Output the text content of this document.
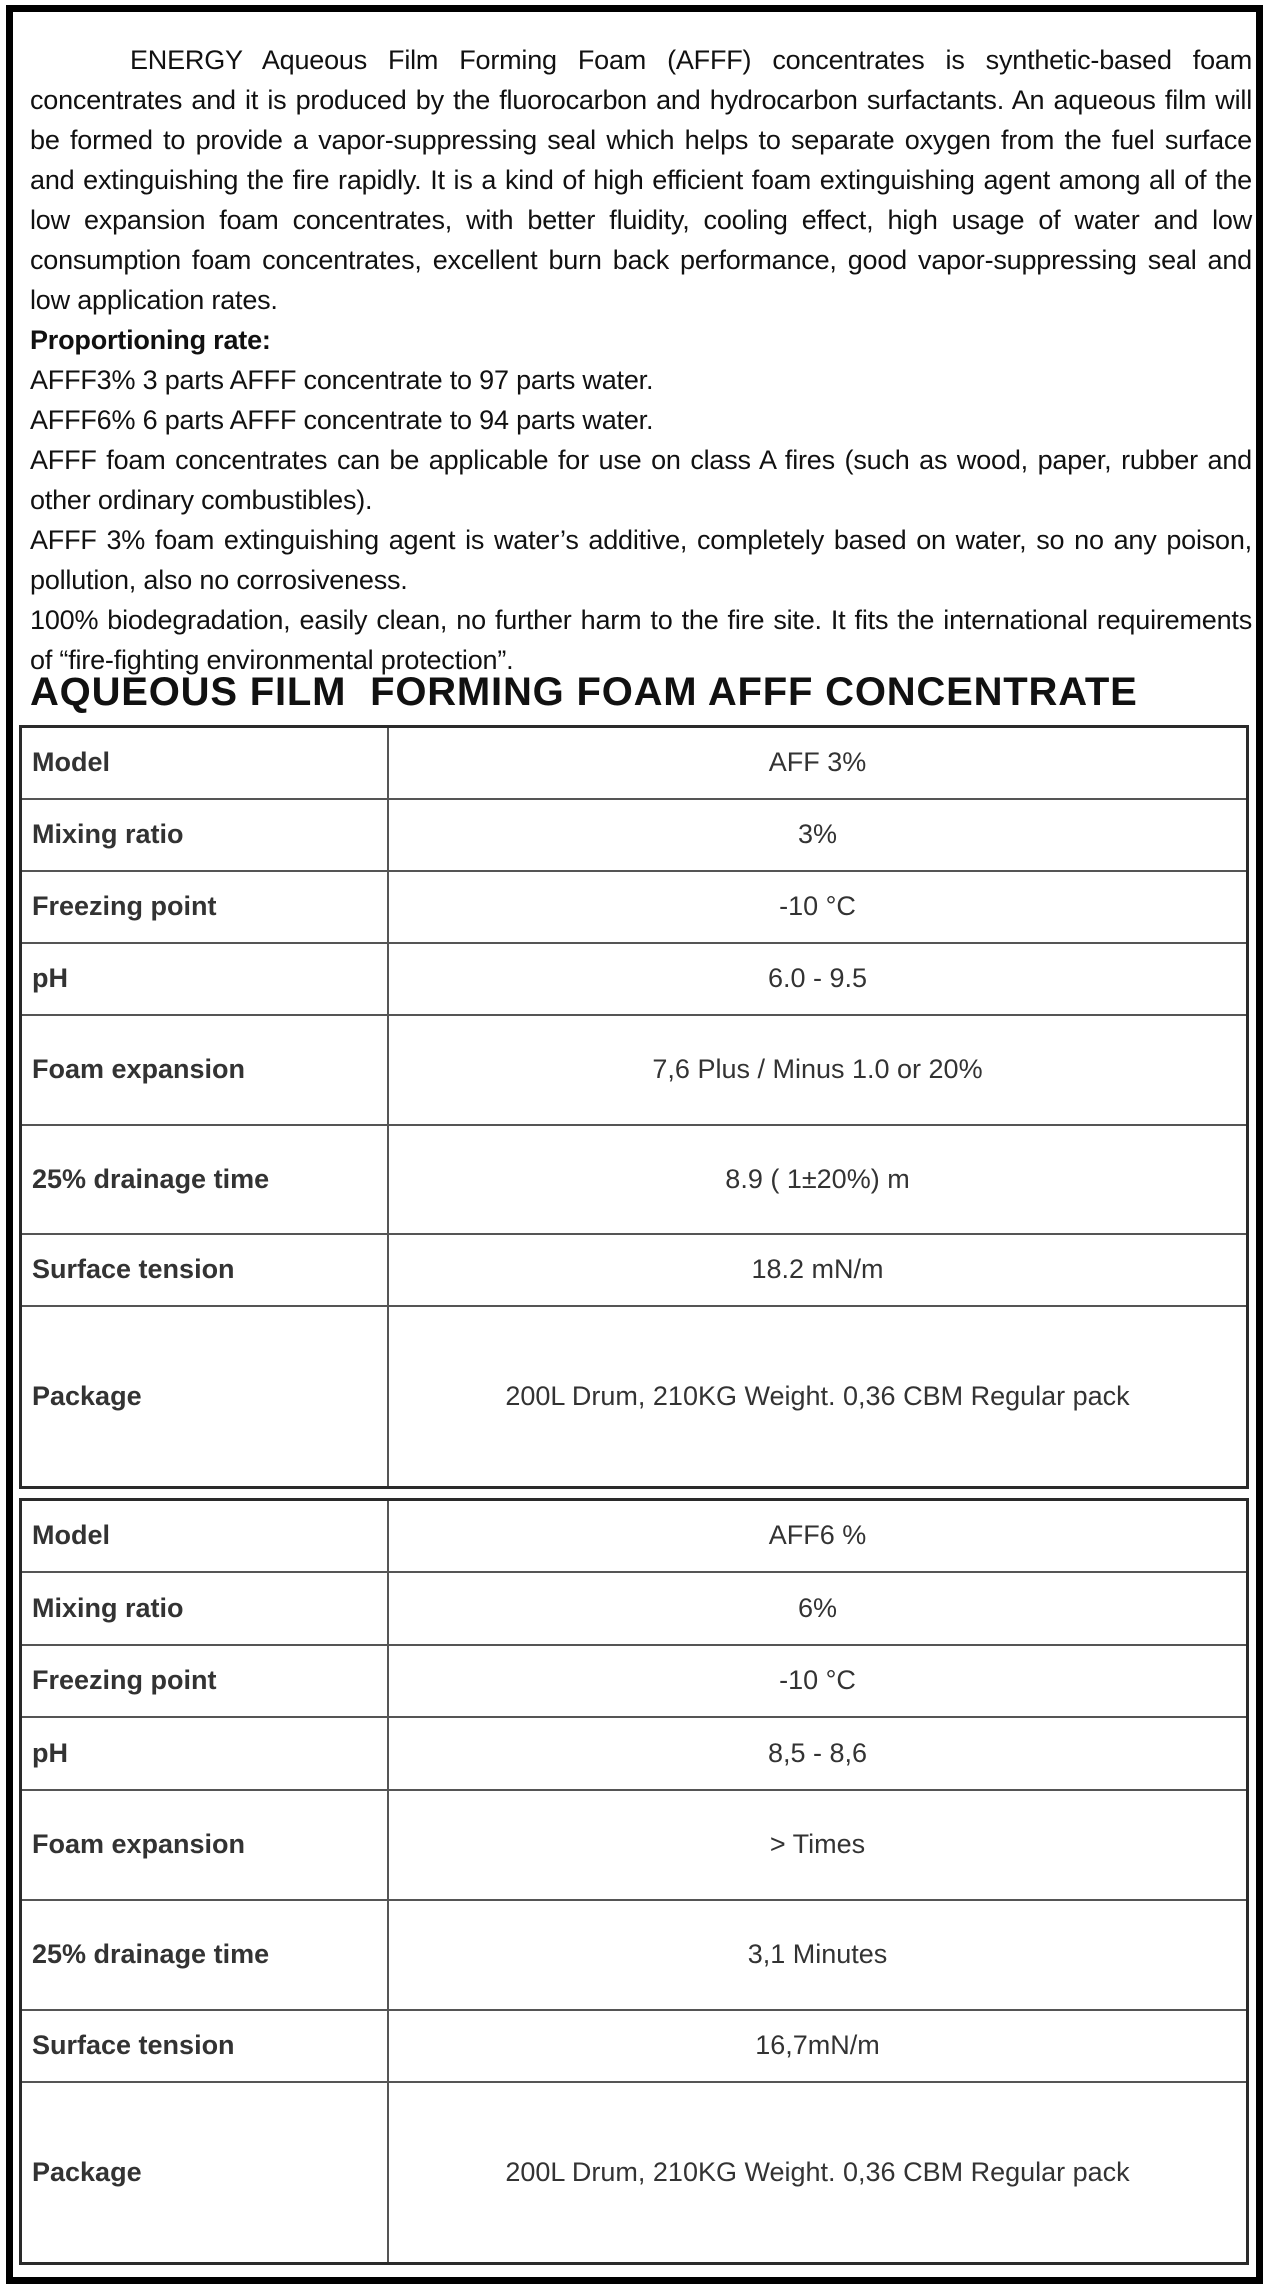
ENERGY Aqueous Film Forming Foam (AFFF) concentrates is synthetic-based foam concentrates and it is produced by the fluorocarbon and hydrocarbon surfactants. An aqueous film will be formed to provide a vapor-suppressing seal which helps to separate oxygen from the fuel surface and extinguishing the fire rapidly. It is a kind of high efficient foam extinguishing agent among all of the low expansion foam concentrates, with better fluidity, cooling effect, high usage of water and low consumption foam concentrates, excellent burn back performance, good vapor-suppressing seal and low application rates.

Proportioning rate:

AFFF3% 3 parts AFFF concentrate to 97 parts water.

AFFF6% 6 parts AFFF concentrate to 94 parts water.

AFFF foam concentrates can be applicable for use on class A fires (such as wood, paper, rubber and other ordinary combustibles).

AFFF 3% foam extinguishing agent is water’s additive, completely based on water, so no any poison, pollution, also no corrosiveness.

100% biodegradation, easily clean, no further harm to the fire site. It fits the international requirements of “fire-fighting environmental protection”.

AQUEOUS FILM  FORMING FOAM AFFF CONCENTRATE
Model	AFF 3%
Mixing ratio	3%
Freezing point	-10 °C
pH	6.0 - 9.5
Foam expansion	7,6 Plus / Minus 1.0 or 20%
25% drainage time	8.9 ( 1±20%) m
Surface tension	18.2 mN/m
Package	200L Drum, 210KG Weight. 0,36 CBM Regular pack
Model	AFF6 %
Mixing ratio	6%
Freezing point	-10 °C
pH	8,5 - 8,6
Foam expansion	> Times
25% drainage time	3,1 Minutes
Surface tension	16,7mN/m
Package	200L Drum, 210KG Weight. 0,36 CBM Regular pack
